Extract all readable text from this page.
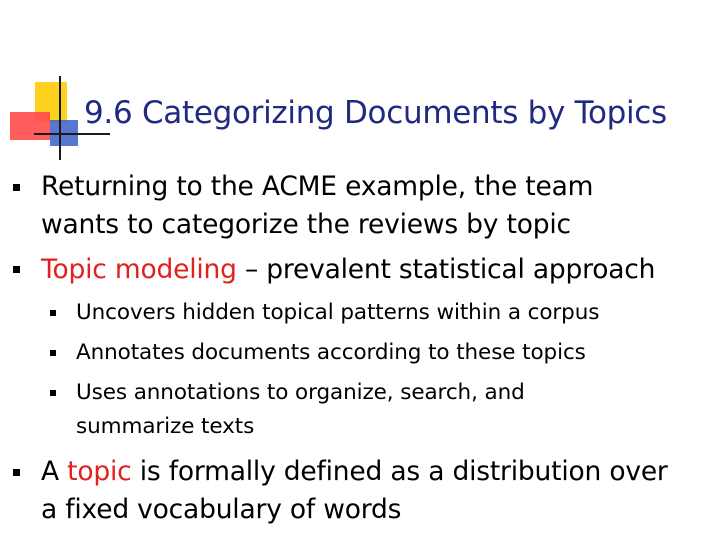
9.6 Categorizing Documents by Topics
Returning to the ACME example, the team
wants to categorize the reviews by topic
Topic modeling – prevalent statistical approach
Uncovers hidden topical patterns within a corpus
Annotates documents according to these topics
Uses annotations to organize, search, and
summarize texts
A topic is formally defined as a distribution over
a fixed vocabulary of words
